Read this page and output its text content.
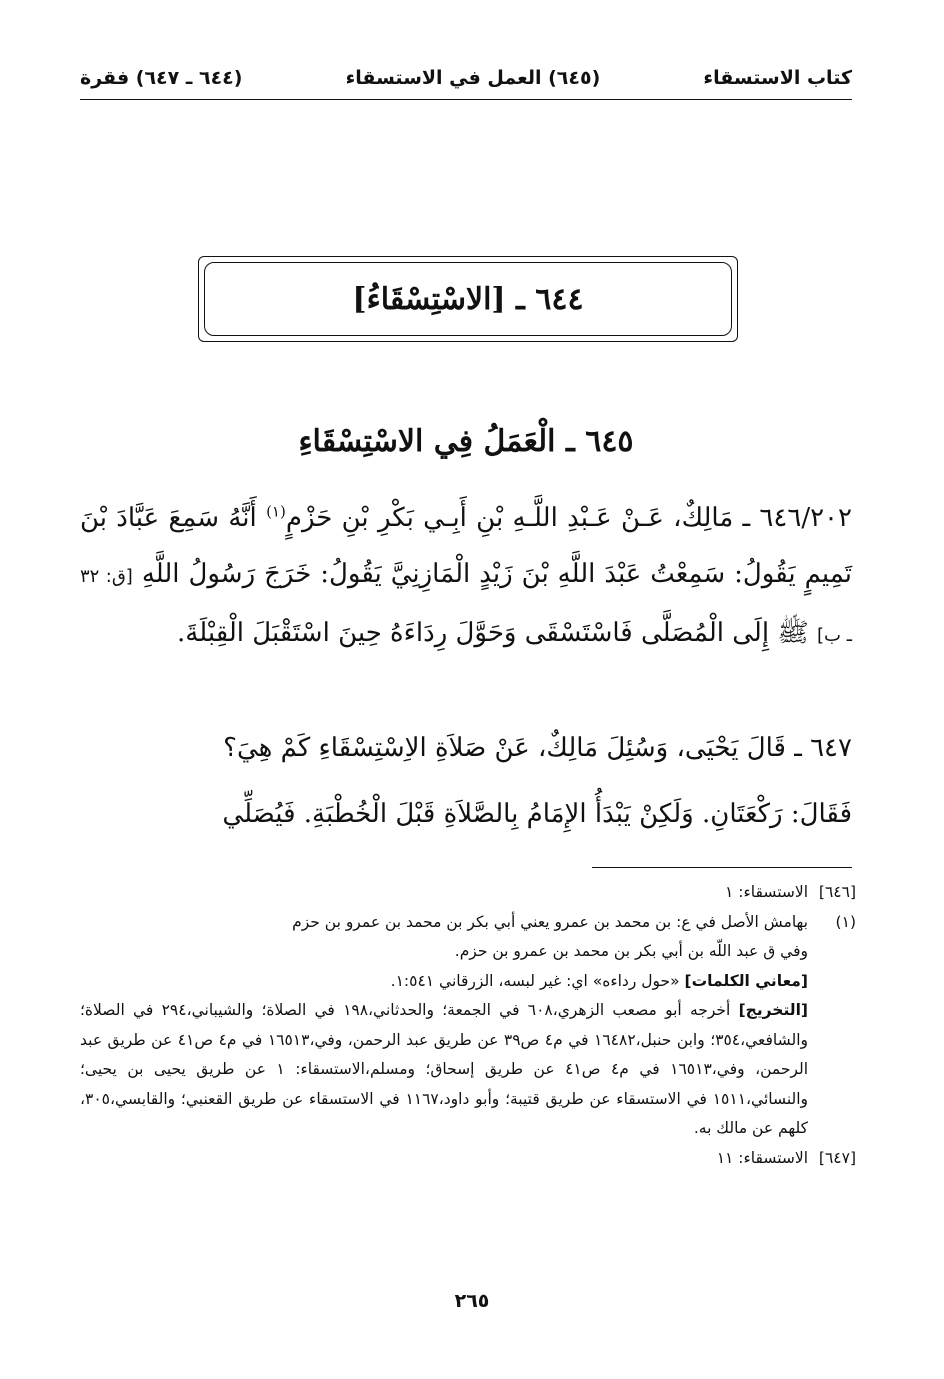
كتاب الاستسقاء
(٦٤٥) العمل في الاستسقاء
(٦٤٤ ـ ٦٤٧) فقرة
٦٤٤ ـ [الاسْتِسْقَاءُ]
٦٤٥ ـ الْعَمَلُ فِي الاسْتِسْقَاءِ
٦٤٦/٢٠٢ ـ مَالِكٌ، عَـنْ عَـبْدِ اللَّـهِ بْنِ أَبِـي بَكْرِ بْنِ حَزْمٍ$^{(١)}$ أَنَّهُ سَمِعَ عَبَّادَ بْنَ تَمِيمٍ يَقُولُ: سَمِعْتُ عَبْدَ اللَّهِ بْنَ زَيْدٍ الْمَازِنِيَّ يَقُولُ: خَرَجَ رَسُولُ اللَّهِ [ق: ٣٢ ـ ب] ﷺ إِلَى الْمُصَلَّى فَاسْتَسْقَى وَحَوَّلَ رِدَاءَهُ حِينَ اسْتَقْبَلَ الْقِبْلَةَ.
٦٤٧ ـ قَالَ يَحْيَى، وَسُئِلَ مَالِكٌ، عَنْ صَلاَةِ الاِسْتِسْقَاءِ كَمْ هِيَ؟
فَقَالَ: رَكْعَتَانِ. وَلَكِنْ يَبْدَأُ الإِمَامُ بِالصَّلاَةِ قَبْلَ الْخُطْبَةِ. فَيُصَلِّي
[٦٤٦]
الاستسقاء: ١
(١)
بهامش الأصل في ع: بن محمد بن عمرو يعني أبي بكر بن محمد بن عمرو بن حزم
وفي ق عبد اللّه بن أبي بكر بن محمد بن عمرو بن حزم.
[معاني الكلمات] «حول رداءه» اي: غير لبسه، الزرقاني ١:٥٤١.
[التخريج] أخرجه أبو مصعب الزهري،٦٠٨ في الجمعة؛ والحدثاني،١٩٨ في الصلاة؛ والشيباني،٢٩٤ في الصلاة؛ والشافعي،٣٥٤؛ وابن حنبل،١٦٤٨٢ في م٤ ص٣٩ عن طريق عبد الرحمن، وفي،١٦٥١٣ في م٤ ص٤١ عن طريق عبد الرحمن، وفي،١٦٥١٣ في م٤ ص٤١ عن طريق إسحاق؛ ومسلم،الاستسقاء: ١ عن طريق يحيى بن يحيى؛ والنسائي،١٥١١ في الاستسقاء عن طريق قتيبة؛ وأبو داود،١١٦٧ في الاستسقاء عن طريق القعنبي؛ والقابسي،٣٠٥، كلهم عن مالك به.
[٦٤٧]
الاستسقاء: ١١
٢٦٥
